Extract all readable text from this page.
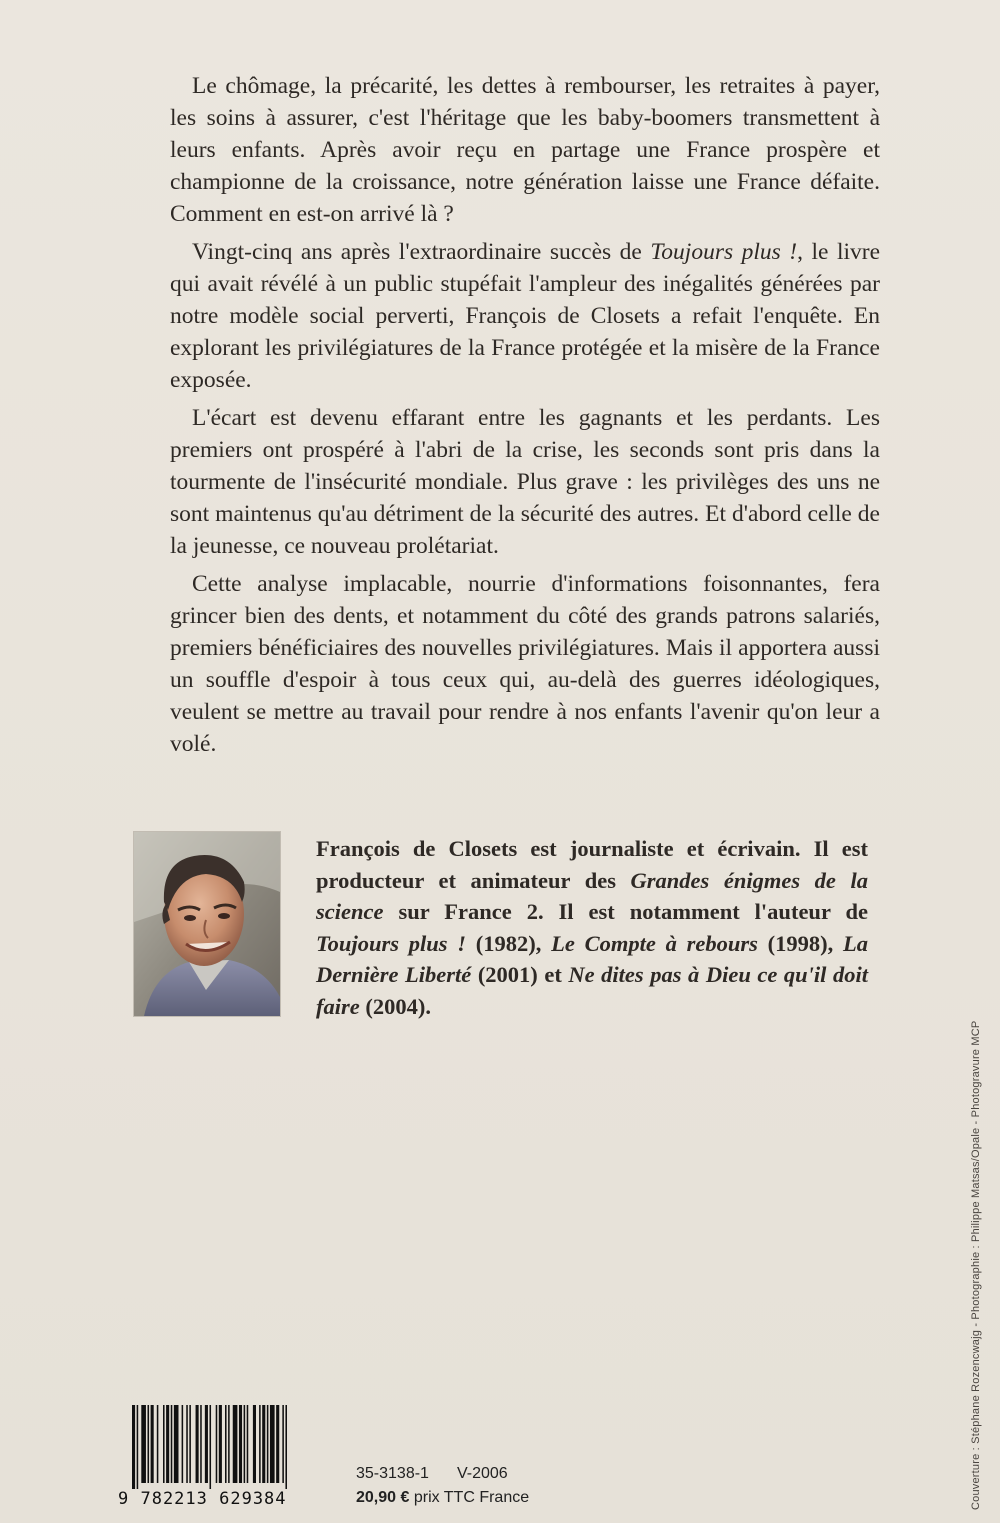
Le chômage, la précarité, les dettes à rembourser, les retraites à payer, les soins à assurer, c'est l'héritage que les baby-boomers transmettent à leurs enfants. Après avoir reçu en partage une France prospère et championne de la croissance, notre génération laisse une France défaite. Comment en est-on arrivé là ?

Vingt-cinq ans après l'extraordinaire succès de Toujours plus !, le livre qui avait révélé à un public stupéfait l'ampleur des inégalités générées par notre modèle social perverti, François de Closets a refait l'enquête. En explorant les privilégiatures de la France protégée et la misère de la France exposée.

L'écart est devenu effarant entre les gagnants et les perdants. Les premiers ont prospéré à l'abri de la crise, les seconds sont pris dans la tourmente de l'insécurité mondiale. Plus grave : les privilèges des uns ne sont maintenus qu'au détriment de la sécurité des autres. Et d'abord celle de la jeunesse, ce nouveau prolétariat.

Cette analyse implacable, nourrie d'informations foisonnantes, fera grincer bien des dents, et notamment du côté des grands patrons salariés, premiers bénéficiaires des nouvelles privilégiatures. Mais il apportera aussi un souffle d'espoir à tous ceux qui, au-delà des guerres idéologiques, veulent se mettre au travail pour rendre à nos enfants l'avenir qu'on leur a volé.

François de Closets est journaliste et écrivain. Il est producteur et animateur des Grandes énigmes de la science sur France 2. Il est notamment l'auteur de Toujours plus ! (1982), Le Compte à rebours (1998), La Dernière Liberté (2001) et Ne dites pas à Dieu ce qu'il doit faire (2004).
Couverture : Stéphane Rozencwajg - Photographie : Philippe Matsas/Opale - Photogravure MCP
9 782213 629384
35-3138-1 V-2006
20,90 € prix TTC France
